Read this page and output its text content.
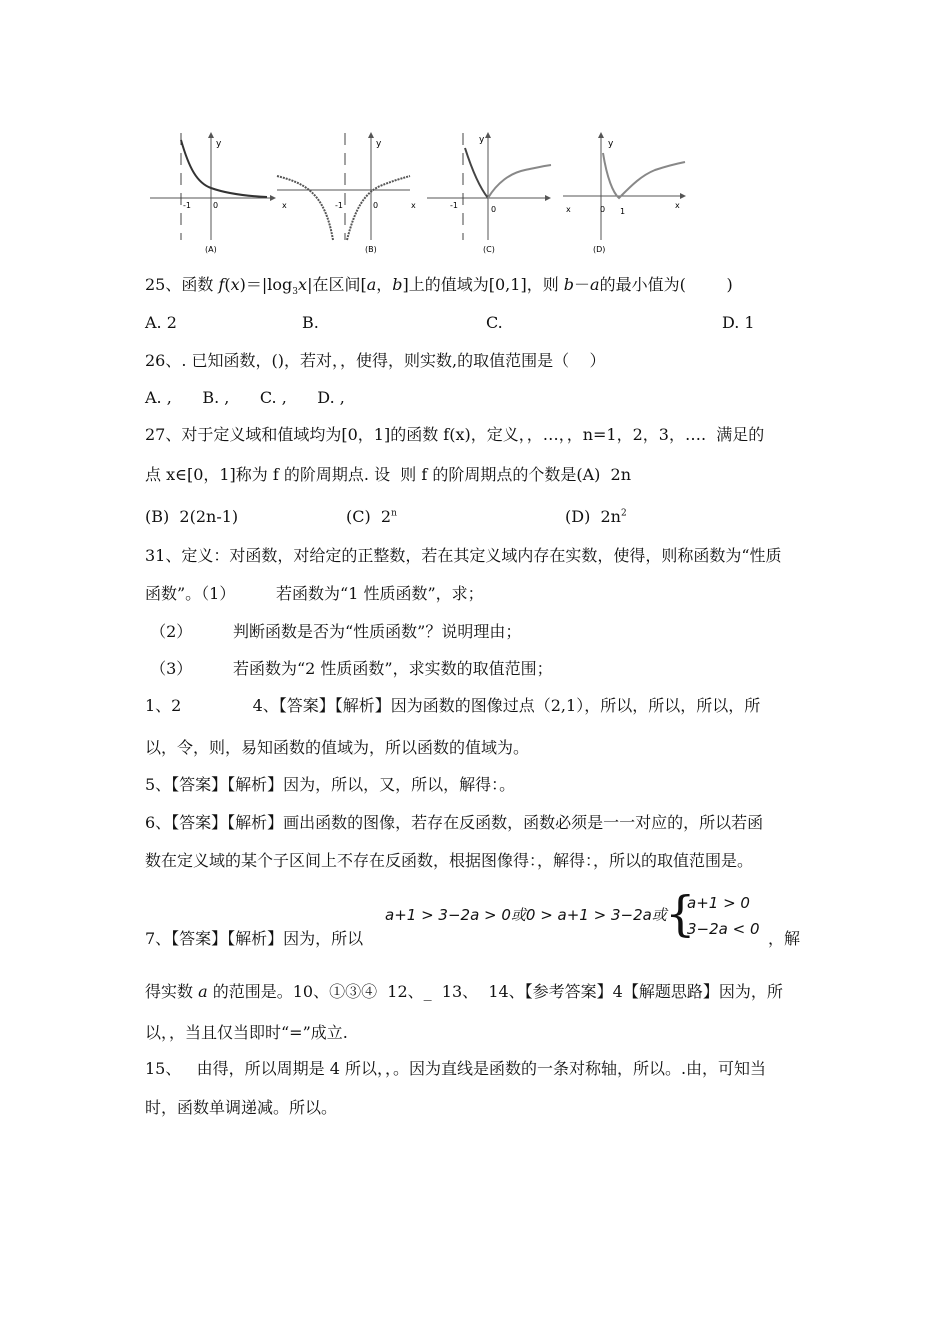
y
-1	0
(A)
x
y
-1	0	x
(B)
y
-1	0
(C)
y
x	0 1
x
(D)
25、函数 $f(x)=|\log_3x|$在区间[a，b]上的值域为[0,1]，则 b－a的最小值为(        )
A. 2	B.	C.	D. 1
26、. 已知函数，()，若对，，使得，则实数,的取值范围是（    ）
A. ,      B. ,      C. ,      D. ,
27、对于定义域和值域均为[0，1]的函数 f(x)，定义，，…，，n=1，2，3，….  满足的
点 x∈[0，1]称为 f 的阶周期点. 设  则 f 的阶周期点的个数是(A)  2n
(B)  2(2n-1)	(C)  2$^n$	(D)  $2n^2$
31、定义：对函数，对给定的正整数，若在其定义域内存在实数，使得，则称函数为“性质
函数”。（1）        若函数为“1 性质函数”，求；
（2）        判断函数是否为“性质函数”？说明理由；
（3）        若函数为“2 性质函数”，求实数的取值范围；
1、2              4、【答案】【解析】因为函数的图像过点（2,1），所以，所以，所以，所
以，令，则，易知函数的值域为，所以函数的值域为。
5、【答案】【解析】因为，所以，又，所以，解得：。
6、【答案】【解析】画出函数的图像，若存在反函数，函数必须是一一对应的，所以若函
数在定义域的某个子区间上不存在反函数，根据图像得：，解得：，所以的取值范围是。
a+1 > 3−2a > 0或0 > a+1 > 3−2a或
{
a+1 > 0
3−2a < 0
7、【答案】【解析】因为，所以	，解
得实数 a 的范围是。10、①③④  12、_  13、  14、【参考答案】4【解题思路】因为，所
以，，当且仅当即时“=”成立.
15、   由得，所以周期是 4 所以，，。因为直线是函数的一条对称轴，所以。.由，可知当
时，函数单调递减。所以。
